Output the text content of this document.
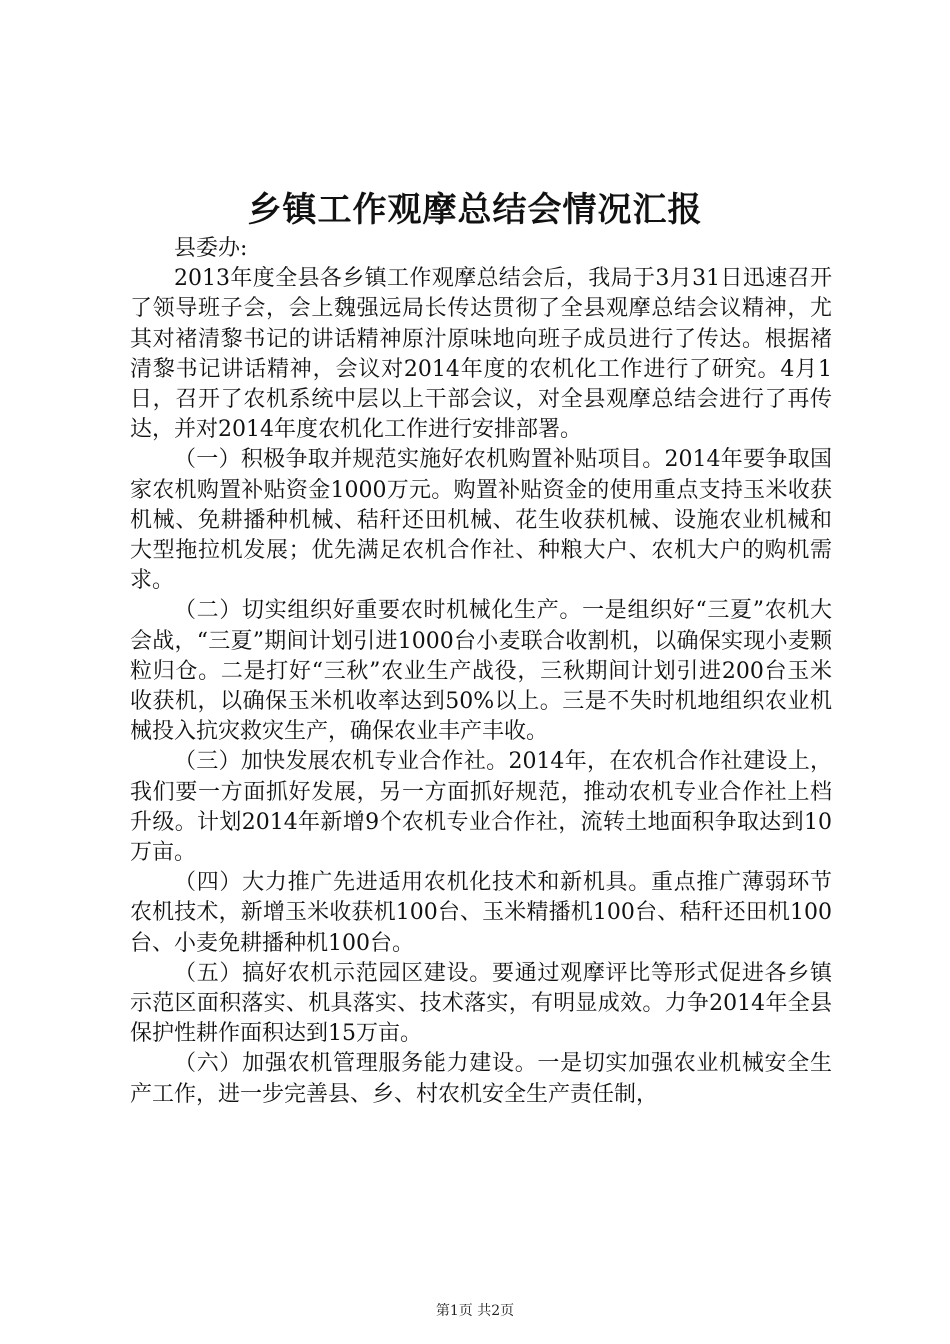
乡镇工作观摩总结会情况汇报

县委办:

2013年度全县各乡镇工作观摩总结会后，我局于3月31日迅速召开了领导班子会，会上魏强远局长传达贯彻了全县观摩总结会议精神，尤其对褚清黎书记的讲话精神原汁原味地向班子成员进行了传达。根据褚清黎书记讲话精神，会议对2014年度的农机化工作进行了研究。4月1日，召开了农机系统中层以上干部会议，对全县观摩总结会进行了再传达，并对2014年度农机化工作进行安排部署。

（一）积极争取并规范实施好农机购置补贴项目。2014年要争取国家农机购置补贴资金1000万元。购置补贴资金的使用重点支持玉米收获机械、免耕播种机械、秸秆还田机械、花生收获机械、设施农业机械和大型拖拉机发展；优先满足农机合作社、种粮大户、农机大户的购机需求。

（二）切实组织好重要农时机械化生产。一是组织好“三夏”农机大会战，“三夏”期间计划引进1000台小麦联合收割机，以确保实现小麦颗粒归仓。二是打好“三秋”农业生产战役，三秋期间计划引进200台玉米收获机，以确保玉米机收率达到50%以上。三是不失时机地组织农业机械投入抗灾救灾生产，确保农业丰产丰收。

（三）加快发展农机专业合作社。2014年，在农机合作社建设上，我们要一方面抓好发展，另一方面抓好规范，推动农机专业合作社上档升级。计划2014年新增9个农机专业合作社，流转土地面积争取达到10万亩。

（四）大力推广先进适用农机化技术和新机具。重点推广薄弱环节农机技术，新增玉米收获机100台、玉米精播机100台、秸秆还田机100台、小麦免耕播种机100台。

（五）搞好农机示范园区建设。要通过观摩评比等形式促进各乡镇示范区面积落实、机具落实、技术落实，有明显成效。力争2014年全县保护性耕作面积达到15万亩。

（六）加强农机管理服务能力建设。一是切实加强农业机械安全生产工作，进一步完善县、乡、村农机安全生产责任制，

第1页 共2页
